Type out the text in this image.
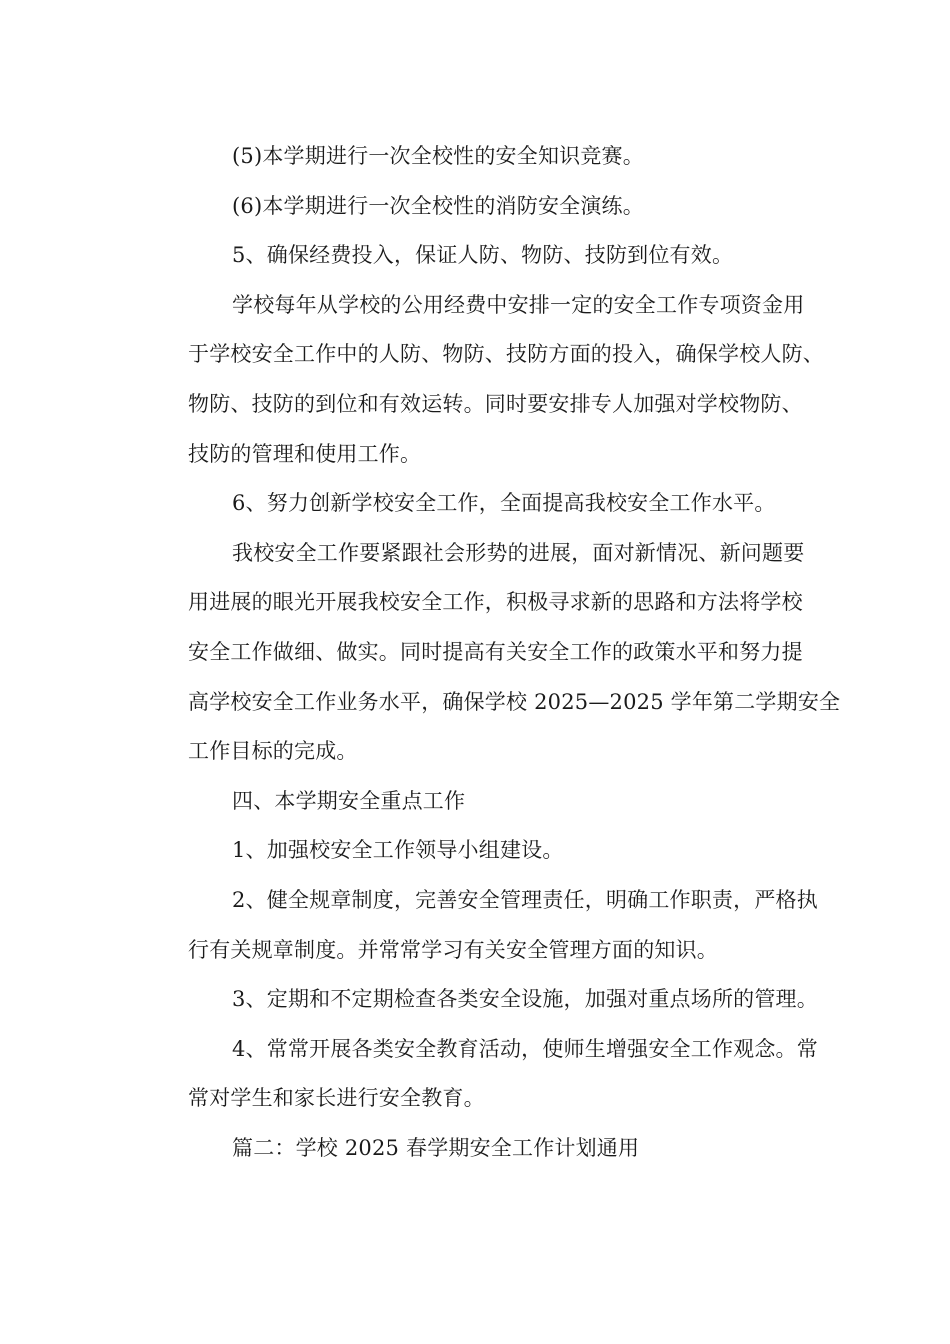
(5)本学期进行一次全校性的安全知识竞赛。
(6)本学期进行一次全校性的消防安全演练。
5、确保经费投入，保证人防、物防、技防到位有效。
学校每年从学校的公用经费中安排一定的安全工作专项资金用
于学校安全工作中的人防、物防、技防方面的投入，确保学校人防、
物防、技防的到位和有效运转。同时要安排专人加强对学校物防、
技防的管理和使用工作。
6、努力创新学校安全工作，全面提高我校安全工作水平。
我校安全工作要紧跟社会形势的进展，面对新情况、新问题要
用进展的眼光开展我校安全工作，积极寻求新的思路和方法将学校
安全工作做细、做实。同时提高有关安全工作的政策水平和努力提
高学校安全工作业务水平，确保学校 2025—2025 学年第二学期安全
工作目标的完成。
四、本学期安全重点工作
1、加强校安全工作领导小组建设。
2、健全规章制度，完善安全管理责任，明确工作职责，严格执
行有关规章制度。并常常学习有关安全管理方面的知识。
3、定期和不定期检查各类安全设施，加强对重点场所的管理。
4、常常开展各类安全教育活动，使师生增强安全工作观念。常
常对学生和家长进行安全教育。
篇二：学校 2025 春学期安全工作计划通用
